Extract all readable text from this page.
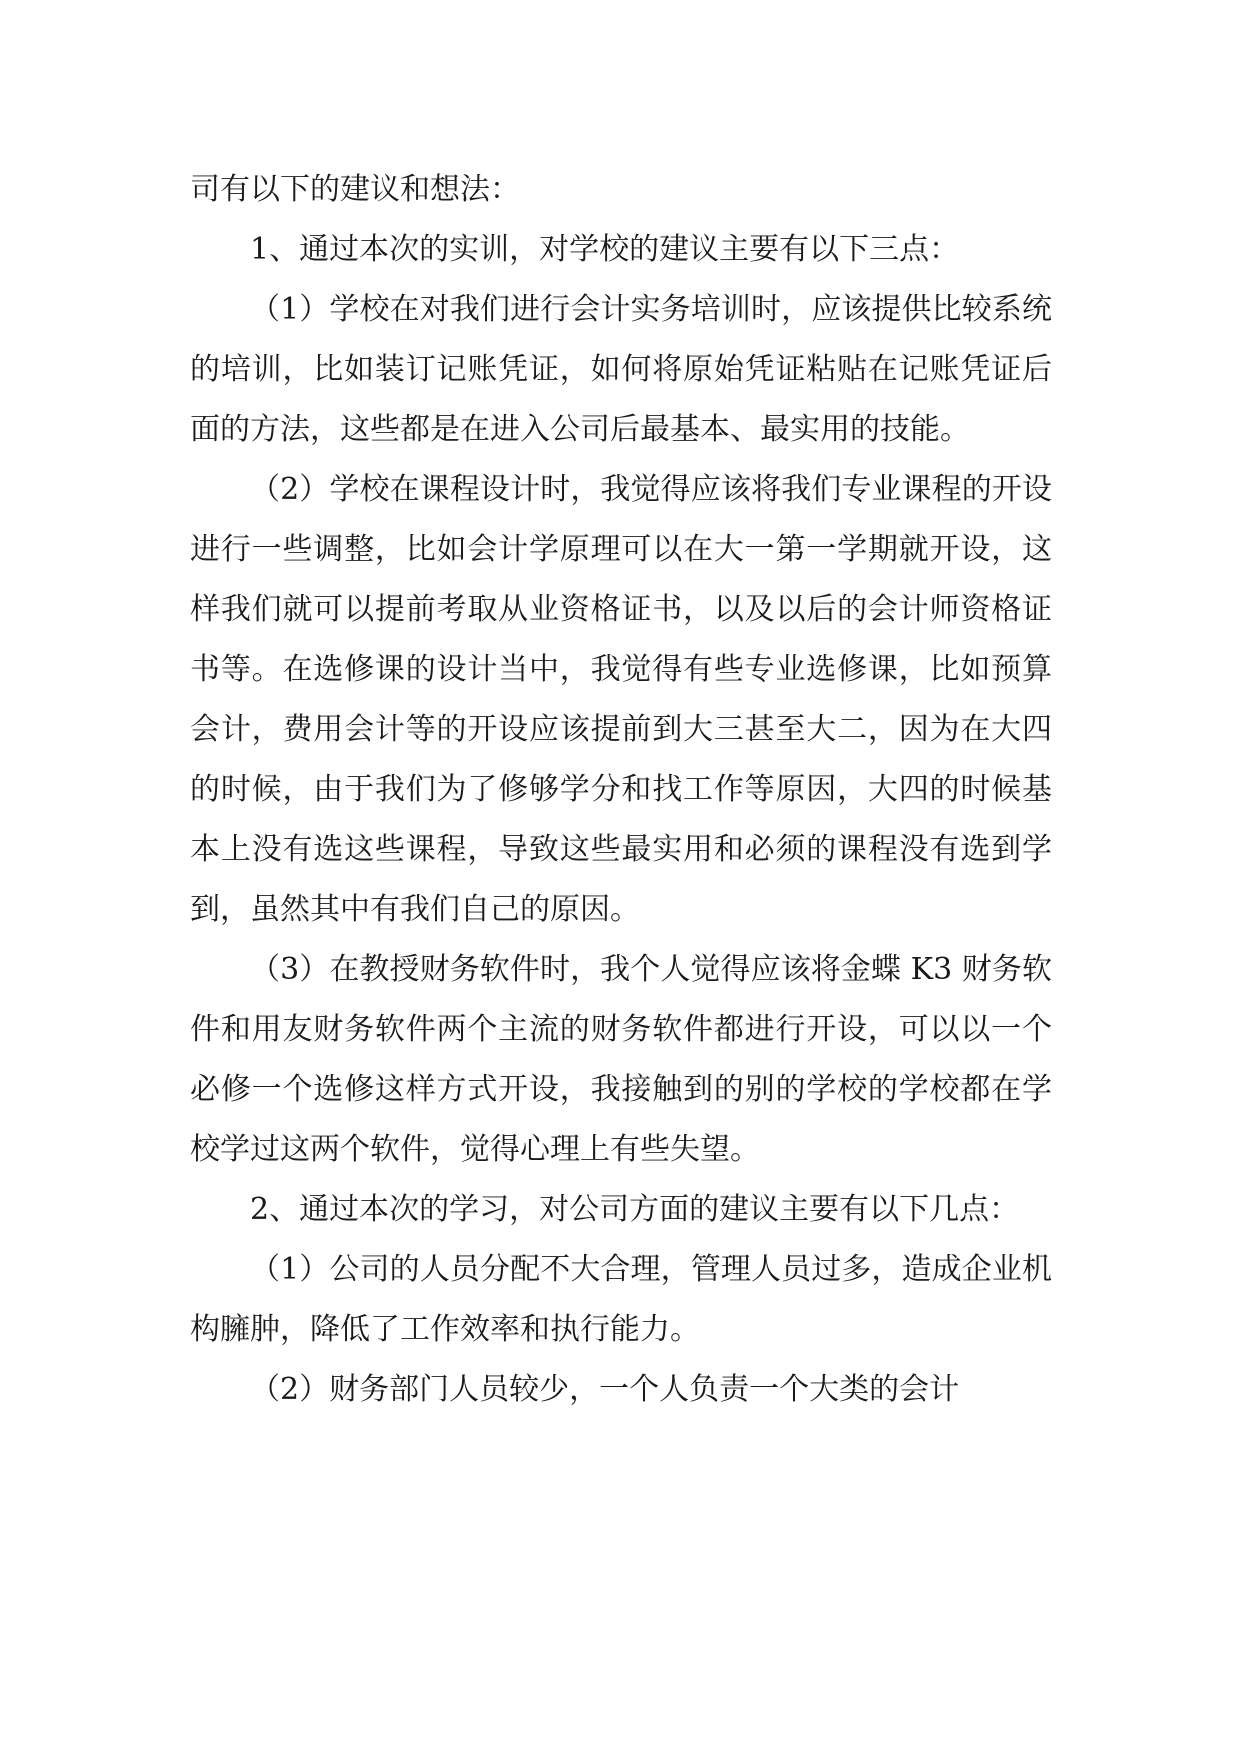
司有以下的建议和想法：

1、通过本次的实训，对学校的建议主要有以下三点：

（1）学校在对我们进行会计实务培训时，应该提供比较系统的培训，比如装订记账凭证，如何将原始凭证粘贴在记账凭证后面的方法，这些都是在进入公司后最基本、最实用的技能。

（2）学校在课程设计时，我觉得应该将我们专业课程的开设进行一些调整，比如会计学原理可以在大一第一学期就开设，这样我们就可以提前考取从业资格证书，以及以后的会计师资格证书等。在选修课的设计当中，我觉得有些专业选修课，比如预算会计，费用会计等的开设应该提前到大三甚至大二，因为在大四的时候，由于我们为了修够学分和找工作等原因，大四的时候基本上没有选这些课程，导致这些最实用和必须的课程没有选到学到，虽然其中有我们自己的原因。

（3）在教授财务软件时，我个人觉得应该将金蝶 K3 财务软件和用友财务软件两个主流的财务软件都进行开设，可以以一个必修一个选修这样方式开设，我接触到的别的学校的学校都在学校学过这两个软件，觉得心理上有些失望。

2、通过本次的学习，对公司方面的建议主要有以下几点：

（1）公司的人员分配不大合理，管理人员过多，造成企业机构臃肿，降低了工作效率和执行能力。

（2）财务部门人员较少，一个人负责一个大类的会计
